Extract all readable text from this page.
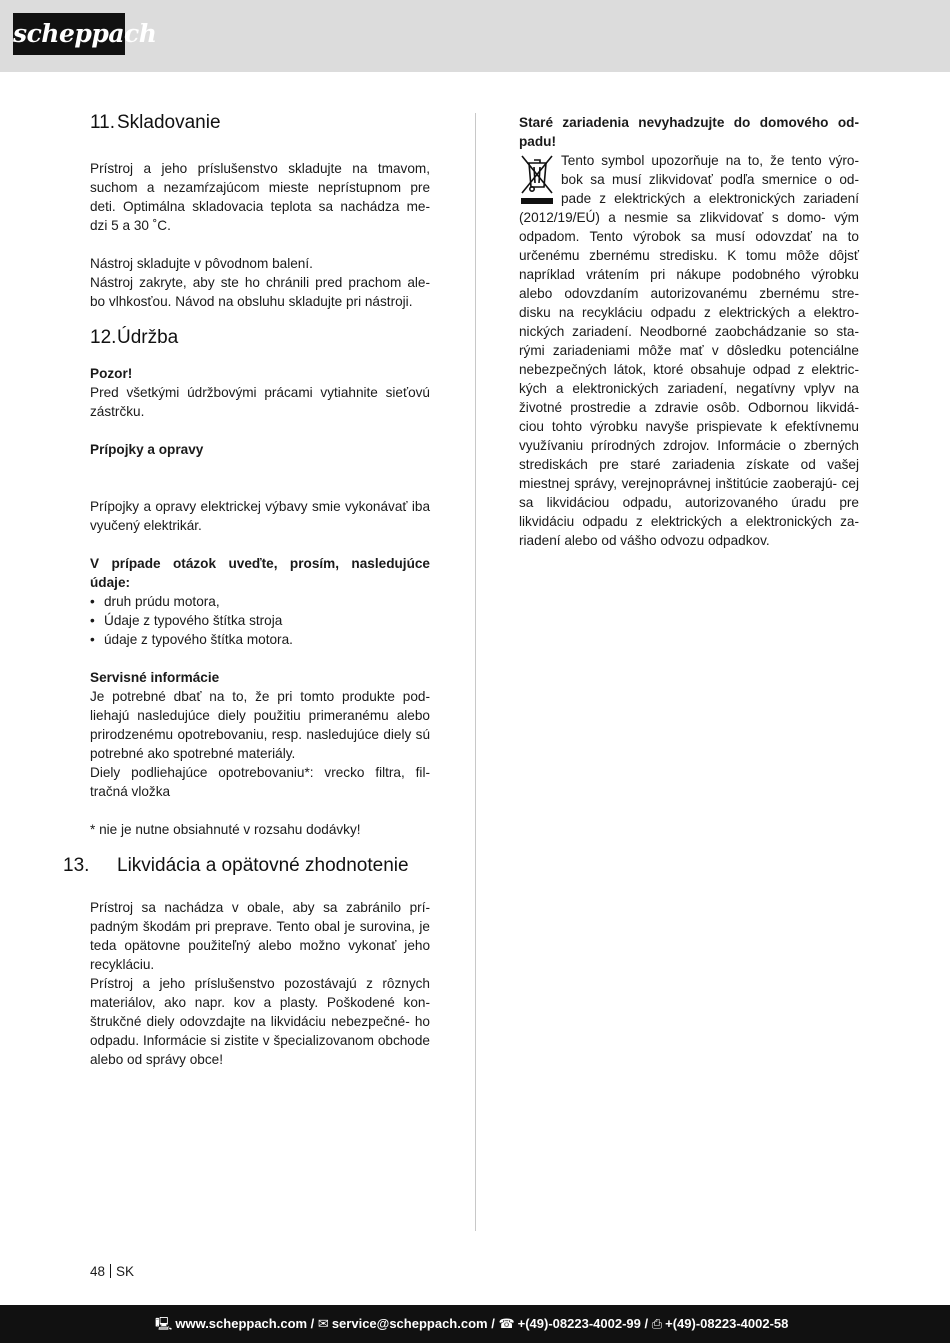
scheppach
11. Skladovanie

Prístroj a jeho príslušenstvo skladujte na tmavom, suchom a nezamŕzajúcom mieste neprístupnom pre deti. Optimálna skladovacia teplota sa nachádza me- dzi 5 a 30 ˚C.

Nástroj skladujte v pôvodnom balení.

Nástroj zakryte, aby ste ho chránili pred prachom ale- bo vlhkosťou. Návod na obsluhu skladujte pri nástroji.

12.Údržba

Pozor!

Pred všetkými údržbovými prácami vytiahnite sieťovú zástrčku.

Prípojky a opravy

Prípojky a opravy elektrickej výbavy smie vykonávať iba vyučený elektrikár.

V prípade otázok uveďte, prosím, nasledujúce údaje:

• druh prúdu motora,
• Údaje z typového štítka stroja
• údaje z typového štítka motora.

Servisné informácie

Je potrebné dbať na to, že pri tomto produkte pod- liehajú nasledujúce diely použitiu primeranému alebo prirodzenému opotrebovaniu, resp. nasledujúce diely sú potrebné ako spotrebné materiály.

Diely podliehajúce opotrebovaniu*: vrecko filtra, fil- tračná vložka

* nie je nutne obsiahnuté v rozsahu dodávky!

13. Likvidácia a opätovné zhodnotenie

Prístroj sa nachádza v obale, aby sa zabránilo prí- padným škodám pri preprave. Tento obal je surovina, je teda opätovne použiteľný alebo možno vykonať jeho recykláciu.

Prístroj a jeho príslušenstvo pozostávajú z rôznych materiálov, ako napr. kov a plasty. Poškodené kon- štrukčné diely odovzdajte na likvidáciu nebezpečné- ho odpadu. Informácie si zistite v špecializovanom obchode alebo od správy obce!

Staré zariadenia nevyhadzujte do domového od- padu!

Tento symbol upozorňuje na to, že tento výro- bok sa musí zlikvidovať podľa smernice o od- pade z elektrických a elektronických zariadení (2012/19/EÚ) a nesmie sa zlikvidovať s domo- vým odpadom. Tento výrobok sa musí odovzdať na to určenému zbernému stredisku. K tomu môže dôjsť napríklad vrátením pri nákupe podobného výrobku alebo odovzdaním autorizovanému zbernému stre- disku na recykláciu odpadu z elektrických a elektro- nických zariadení. Neodborné zaobchádzanie so sta- rými zariadeniami môže mať v dôsledku potenciálne nebezpečných látok, ktoré obsahuje odpad z elektric- kých a elektronických zariadení, negatívny vplyv na životné prostredie a zdravie osôb. Odbornou likvidá- ciou tohto výrobku navyše prispievate k efektívnemu využívaniu prírodných zdrojov. Informácie o zberných strediskách pre staré zariadenia získate od vašej miestnej správy, verejnoprávnej inštitúcie zaoberajú- cej sa likvidáciou odpadu, autorizovaného úradu pre likvidáciu odpadu z elektrických a elektronických za- riadení alebo od vášho odvozu odpadkov.

48 SK
🖳 www.scheppach.com / ✉ service@scheppach.com / ☎ +(49)-08223-4002-99 / ⎙ +(49)-08223-4002-58
